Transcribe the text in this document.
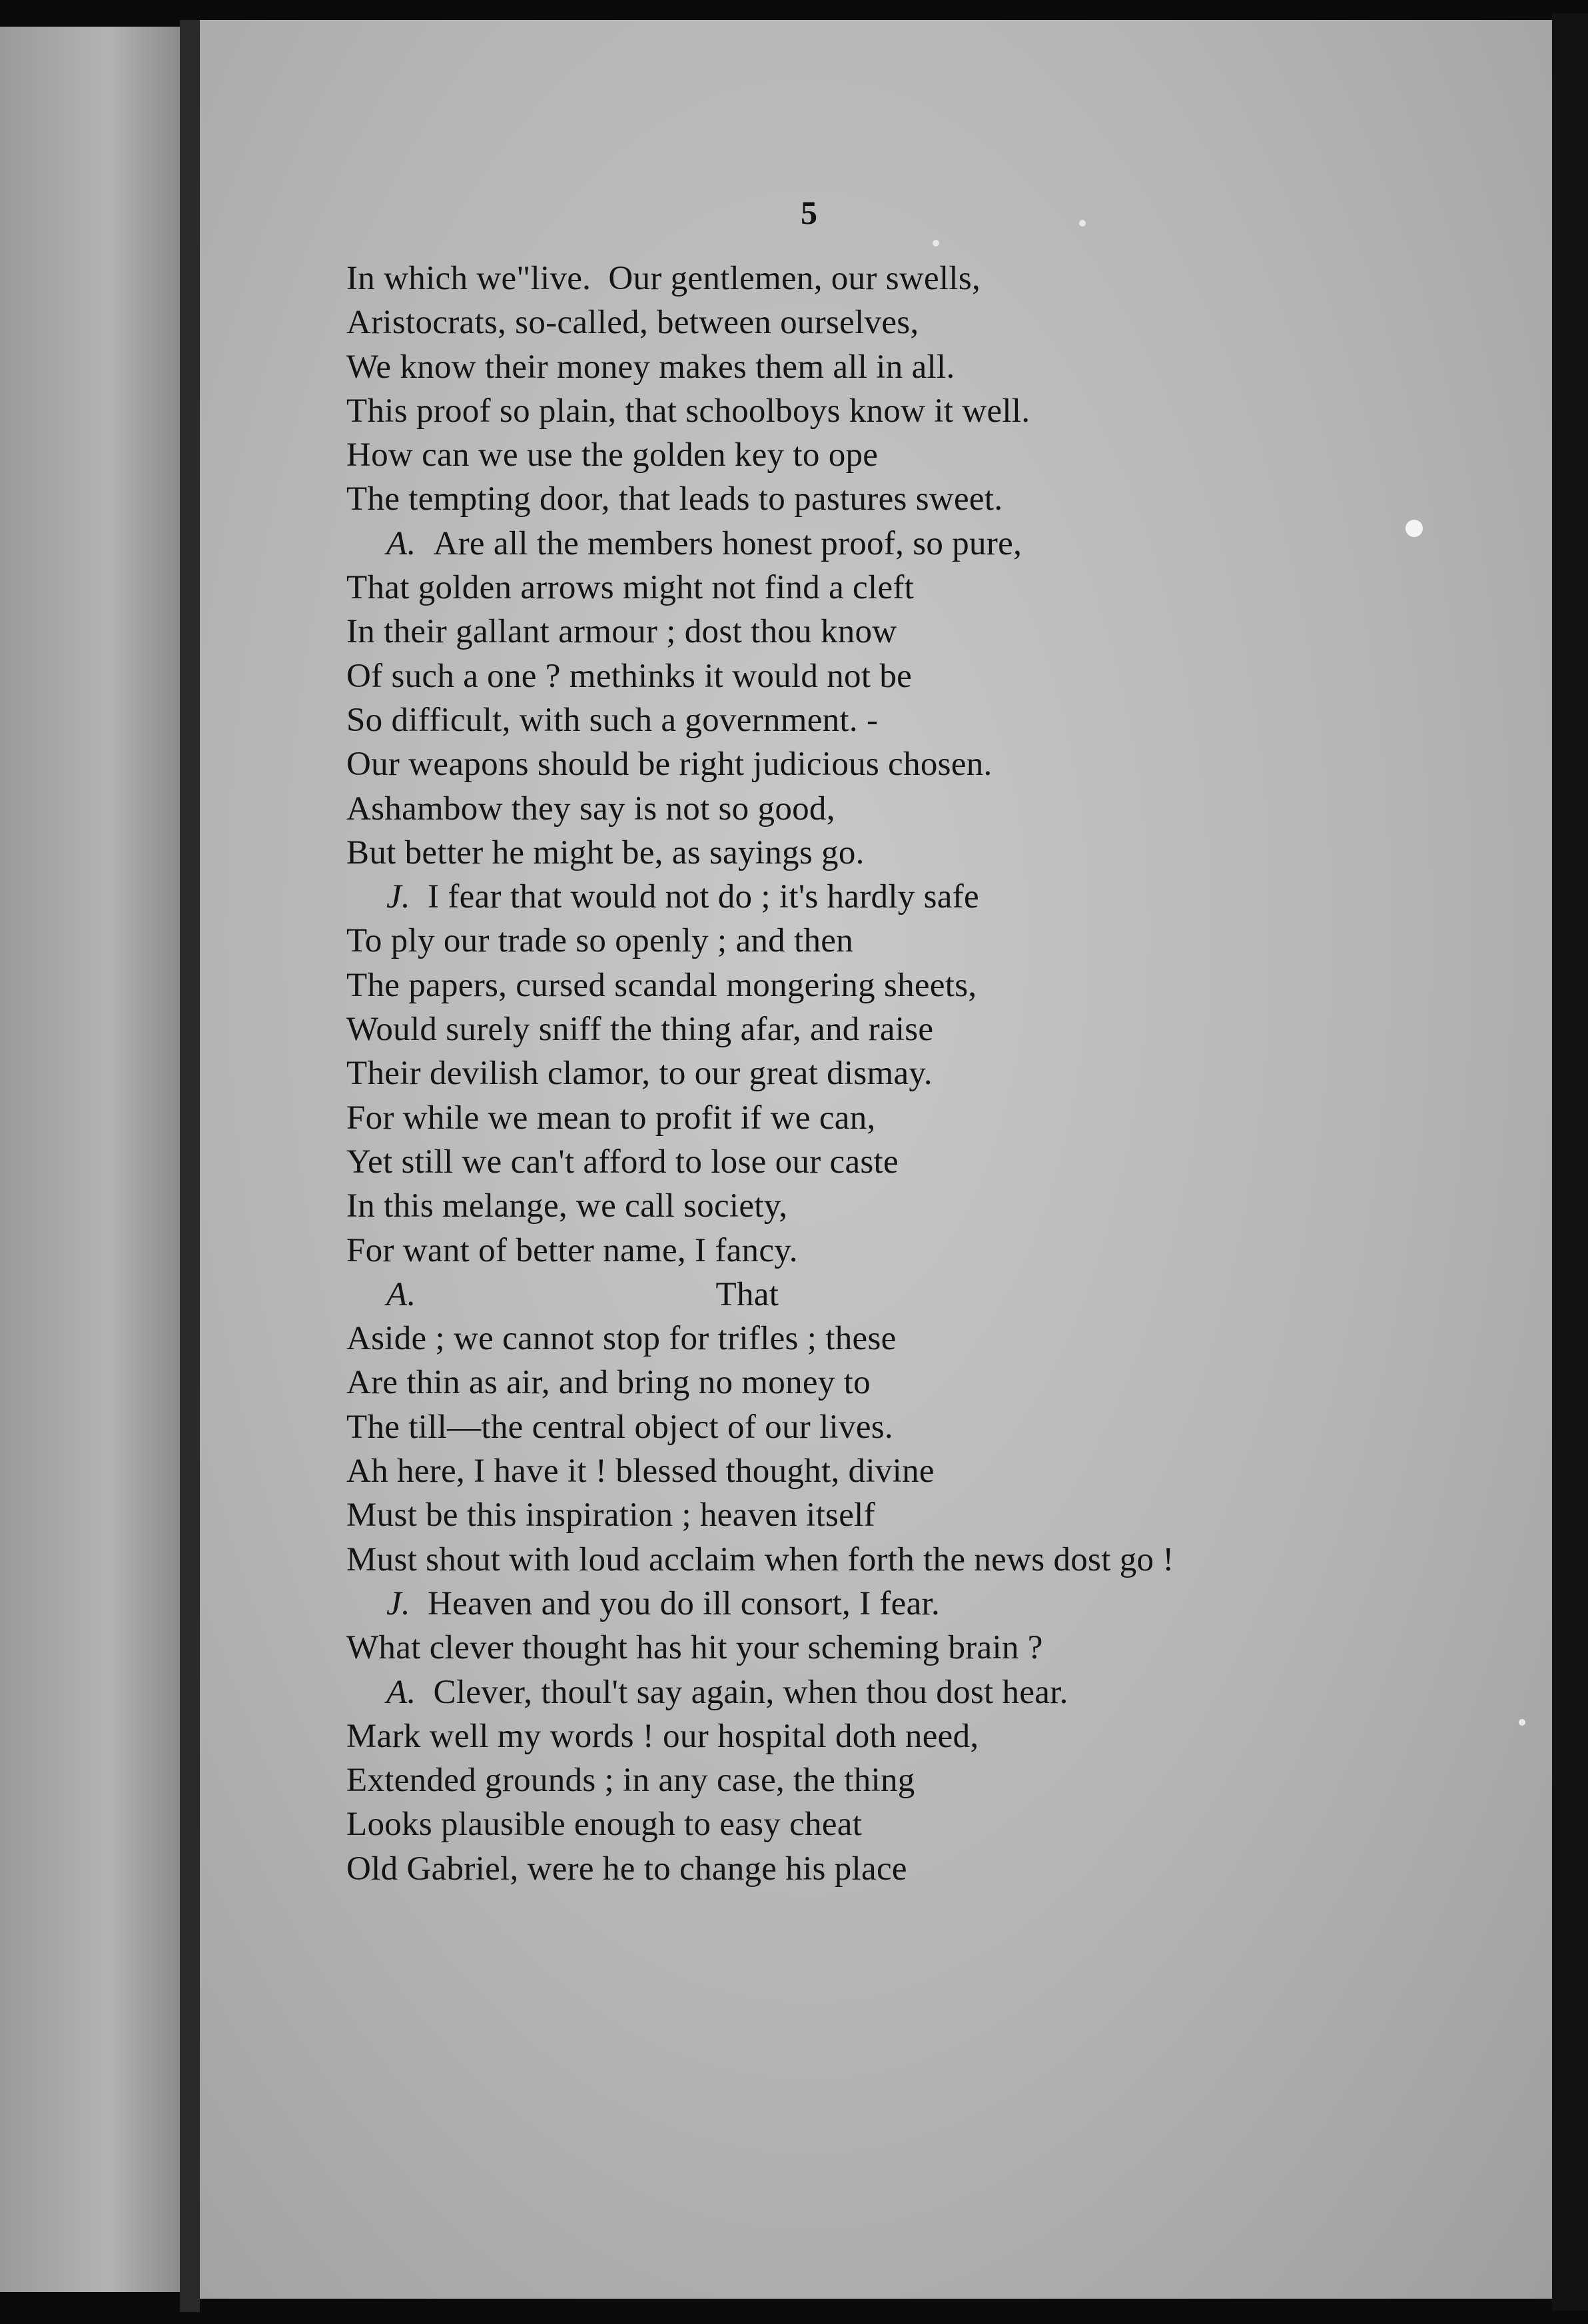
5
In which we"live.  Our gentlemen, our swells,
Aristocrats, so-called, between ourselves,
We know their money makes them all in all.
This proof so plain, that schoolboys know it well.
How can we use the golden key to ope
The tempting door, that leads to pastures sweet.
A. Are all the members honest proof, so pure,
That golden arrows might not find a cleft
In their gallant armour ; dost thou know
Of such a one ? methinks it would not be
So difficult, with such a government. -
Our weapons should be right judicious chosen.
Ashambow they say is not so good,
But better he might be, as sayings go.
J. I fear that would not do ; it's hardly safe
To ply our trade so openly ; and then
The papers, cursed scandal mongering sheets,
Would surely sniff the thing afar, and raise
Their devilish clamor, to our great dismay.
For while we mean to profit if we can,
Yet still we can't afford to lose our caste
In this melange, we call society,
For want of better name, I fancy.
A.	That
Aside ; we cannot stop for trifles ; these
Are thin as air, and bring no money to
The till—the central object of our lives.
Ah here, I have it ! blessed thought, divine
Must be this inspiration ; heaven itself
Must shout with loud acclaim when forth the news dost go !
J. Heaven and you do ill consort, I fear.
What clever thought has hit your scheming brain ?
A. Clever, thoul't say again, when thou dost hear.
Mark well my words ! our hospital doth need,
Extended grounds ; in any case, the thing
Looks plausible enough to easy cheat
Old Gabriel, were he to change his place
